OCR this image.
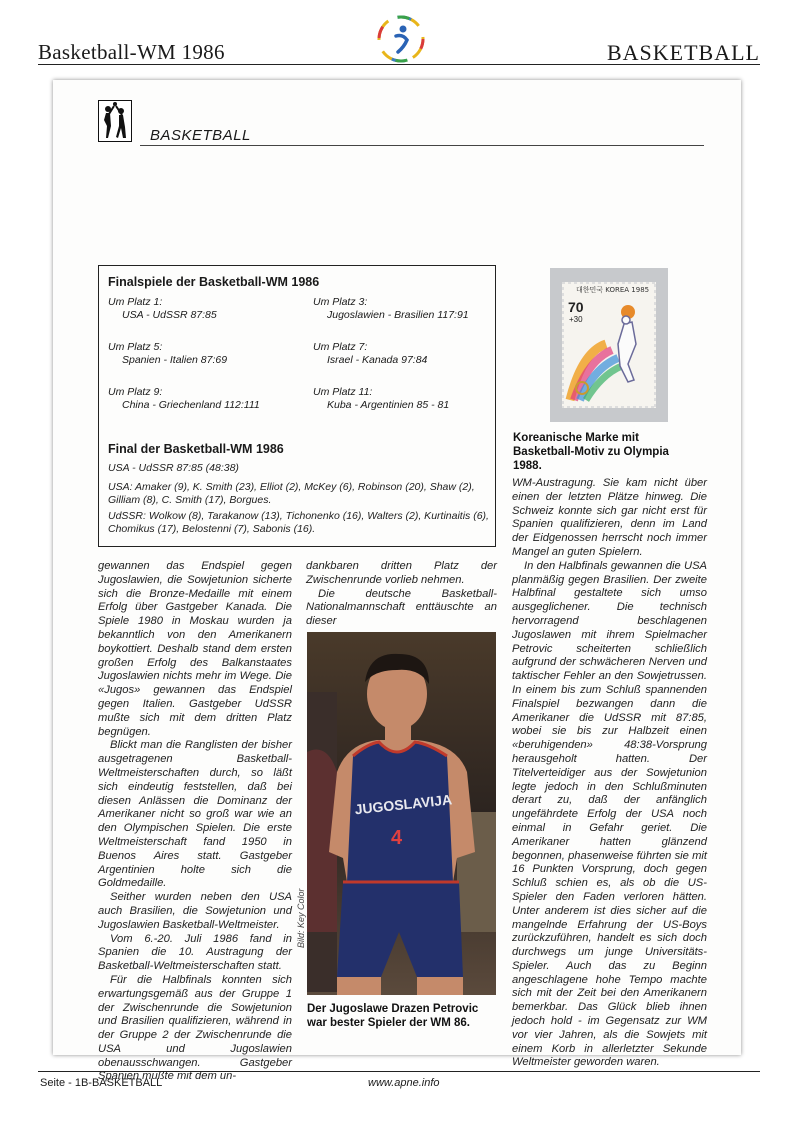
Basketball-WM 1986	BASKETBALL
BASKETBALL
Finalspiele der Basketball-WM 1986
Um Platz 1:
USA - UdSSR 87:85
Um Platz 3:
Jugoslawien - Brasilien 117:91
Um Platz 5:
Spanien - Italien 87:69
Um Platz 7:
Israel - Kanada 97:84
Um Platz 9:
China - Griechenland 112:111
Um Platz 11:
Kuba - Argentinien 85 - 81
Final der Basketball-WM 1986
USA - UdSSR 87:85 (48:38)
USA: Amaker (9), K. Smith (23), Elliot (2), McKey (6), Robinson (20), Shaw (2), Gilliam (8), C. Smith (17), Borgues.
UdSSR: Wolkow (8), Tarakanow (13), Tichonenko (16), Walters (2), Kurtinaitis (6), Chomikus (17), Belostenni (7), Sabonis (16).
대한민국 KOREA 1985
70
+30
Koreanische Marke mit Basketball-Motiv zu Olympia 1988.

gewannen das Endspiel gegen Jugoslawien, die Sowjetunion sicherte sich die Bronze-Medaille mit einem Erfolg über Gastgeber Kanada. Die Spiele 1980 in Moskau wurden ja bekanntlich von den Amerikanern boykottiert. Deshalb stand dem ersten großen Erfolg des Balkanstaates Jugoslawien nichts mehr im Wege. Die «Jugos» gewannen das Endspiel gegen Italien. Gastgeber UdSSR mußte sich mit dem dritten Platz begnügen.

Blickt man die Ranglisten der bisher ausgetragenen Basketball-Weltmeisterschaften durch, so läßt sich eindeutig feststellen, daß bei diesen Anlässen die Dominanz der Amerikaner nicht so groß war wie an den Olympischen Spielen. Die erste Weltmeisterschaft fand 1950 in Buenos Aires statt. Gastgeber Argentinien holte sich die Goldmedaille.

Seither wurden neben den USA auch Brasilien, die Sowjetunion und Jugoslawien Basketball-Weltmeister.

Vom 6.-20. Juli 1986 fand in Spanien die 10. Austragung der Basketball-Weltmeisterschaften statt.

Für die Halbfinals konnten sich erwartungsgemäß aus der Gruppe 1 der Zwischenrunde die Sowjetunion und Brasilien qualifizieren, während in der Gruppe 2 der Zwischenrunde die USA und Jugoslawien obenausschwangen. Gastgeber Spanien mußte mit dem un-

dankbaren dritten Platz der Zwischenrunde vorlieb nehmen.

Die deutsche Basketball-Nationalmannschaft enttäuschte an dieser

JUGOSLAVIJA
4
Bild: Key Color
Der Jugoslawe Drazen Petrovic war bester Spieler der WM 86.

WM-Austragung. Sie kam nicht über einen der letzten Plätze hinweg. Die Schweiz konnte sich gar nicht erst für Spanien qualifizieren, denn im Land der Eidgenossen herrscht noch immer Mangel an guten Spielern.

In den Halbfinals gewannen die USA planmäßig gegen Brasilien. Der zweite Halbfinal gestaltete sich umso ausgeglichener. Die technisch hervorragend beschlagenen Jugoslawen mit ihrem Spielmacher Petrovic scheiterten schließlich aufgrund der schwächeren Nerven und taktischer Fehler an den Sowjetrussen. In einem bis zum Schluß spannenden Finalspiel bezwangen dann die Amerikaner die UdSSR mit 87:85, wobei sie bis zur Halbzeit einen «beruhigenden» 48:38-Vorsprung herausgeholt hatten. Der Titelverteidiger aus der Sowjetunion legte jedoch in den Schlußminuten derart zu, daß der anfänglich ungefährdete Erfolg der USA noch einmal in Gefahr geriet. Die Amerikaner hatten glänzend begonnen, phasenweise führten sie mit 16 Punkten Vorsprung, doch gegen Schluß schien es, als ob die US-Spieler den Faden verloren hätten. Unter anderem ist dies sicher auf die mangelnde Erfahrung der US-Boys zurückzuführen, handelt es sich doch durchwegs um junge Universitäts-Spieler. Auch das zu Beginn angeschlagene hohe Tempo machte sich mit der Zeit bei den Amerikanern bemerkbar. Das Glück blieb ihnen jedoch hold - im Gegensatz zur WM vor vier Jahren, als die Sowjets mit einem Korb in allerletzter Sekunde Weltmeister geworden waren.

Seite - 1B-BASKETBALL	www.apne.info
